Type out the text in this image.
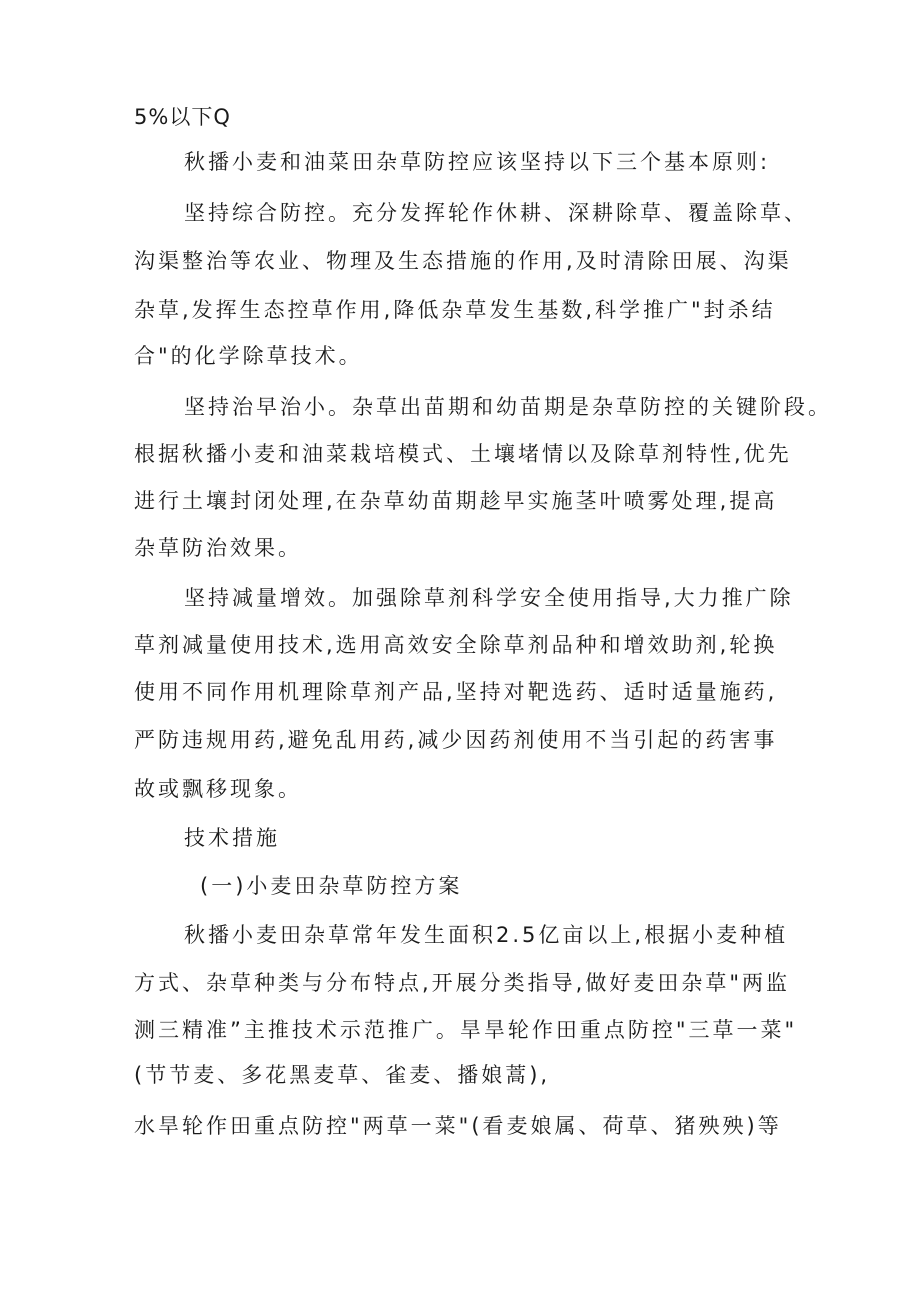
5%以下Q

秋播小麦和油菜田杂草防控应该坚持以下三个基本原则:

坚持综合防控。充分发挥轮作休耕、深耕除草、覆盖除草、

沟渠整治等农业、物理及生态措施的作用,及时清除田展、沟渠

杂草,发挥生态控草作用,降低杂草发生基数,科学推广"封杀结

合"的化学除草技术。

坚持治早治小。杂草出苗期和幼苗期是杂草防控的关键阶段。

根据秋播小麦和油菜栽培模式、土壤堵情以及除草剂特性,优先

进行土壤封闭处理,在杂草幼苗期趁早实施茎叶喷雾处理,提高

杂草防治效果。

坚持减量增效。加强除草剂科学安全使用指导,大力推广除

草剂减量使用技术,选用高效安全除草剂品种和增效助剂,轮换

使用不同作用机理除草剂产品,坚持对靶选药、适时适量施药,

严防违规用药,避免乱用药,减少因药剂使用不当引起的药害事

故或飘移现象。

技术措施

(一)小麦田杂草防控方案

秋播小麦田杂草常年发生面积2.5亿亩以上,根据小麦种植

方式、杂草种类与分布特点,开展分类指导,做好麦田杂草"两监

测三精准”主推技术示范推广。旱旱轮作田重点防控"三草一菜"

(节节麦、多花黑麦草、雀麦、播娘蒿),

水旱轮作田重点防控"两草一菜"(看麦娘属、荷草、猪殃殃)等
